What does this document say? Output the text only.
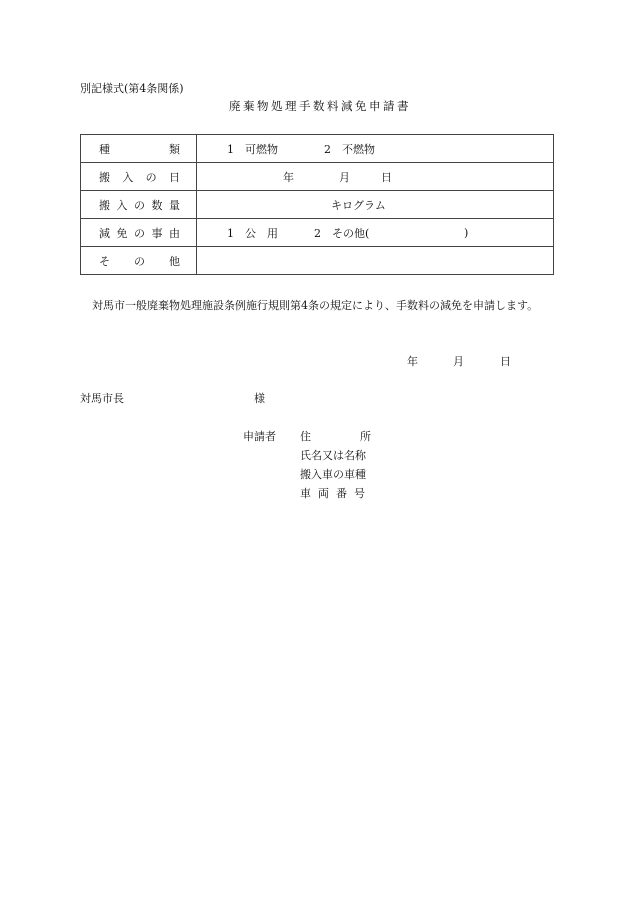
別記様式(第4条関係)
廃棄物処理手数料減免申請書
種　類	1　可燃物 2　不燃物

搬入の日	年 月 日

搬入の数量	キログラム

減免の事由	1　公　用 2　その他( )

その他	
対馬市一般廃棄物処理施設条例施行規則第4条の規定により、手数料の減免を申請します。
年	月	日
対馬市長	様
申請者 住　所
氏名又は名称
搬入車の車種
車両番号
